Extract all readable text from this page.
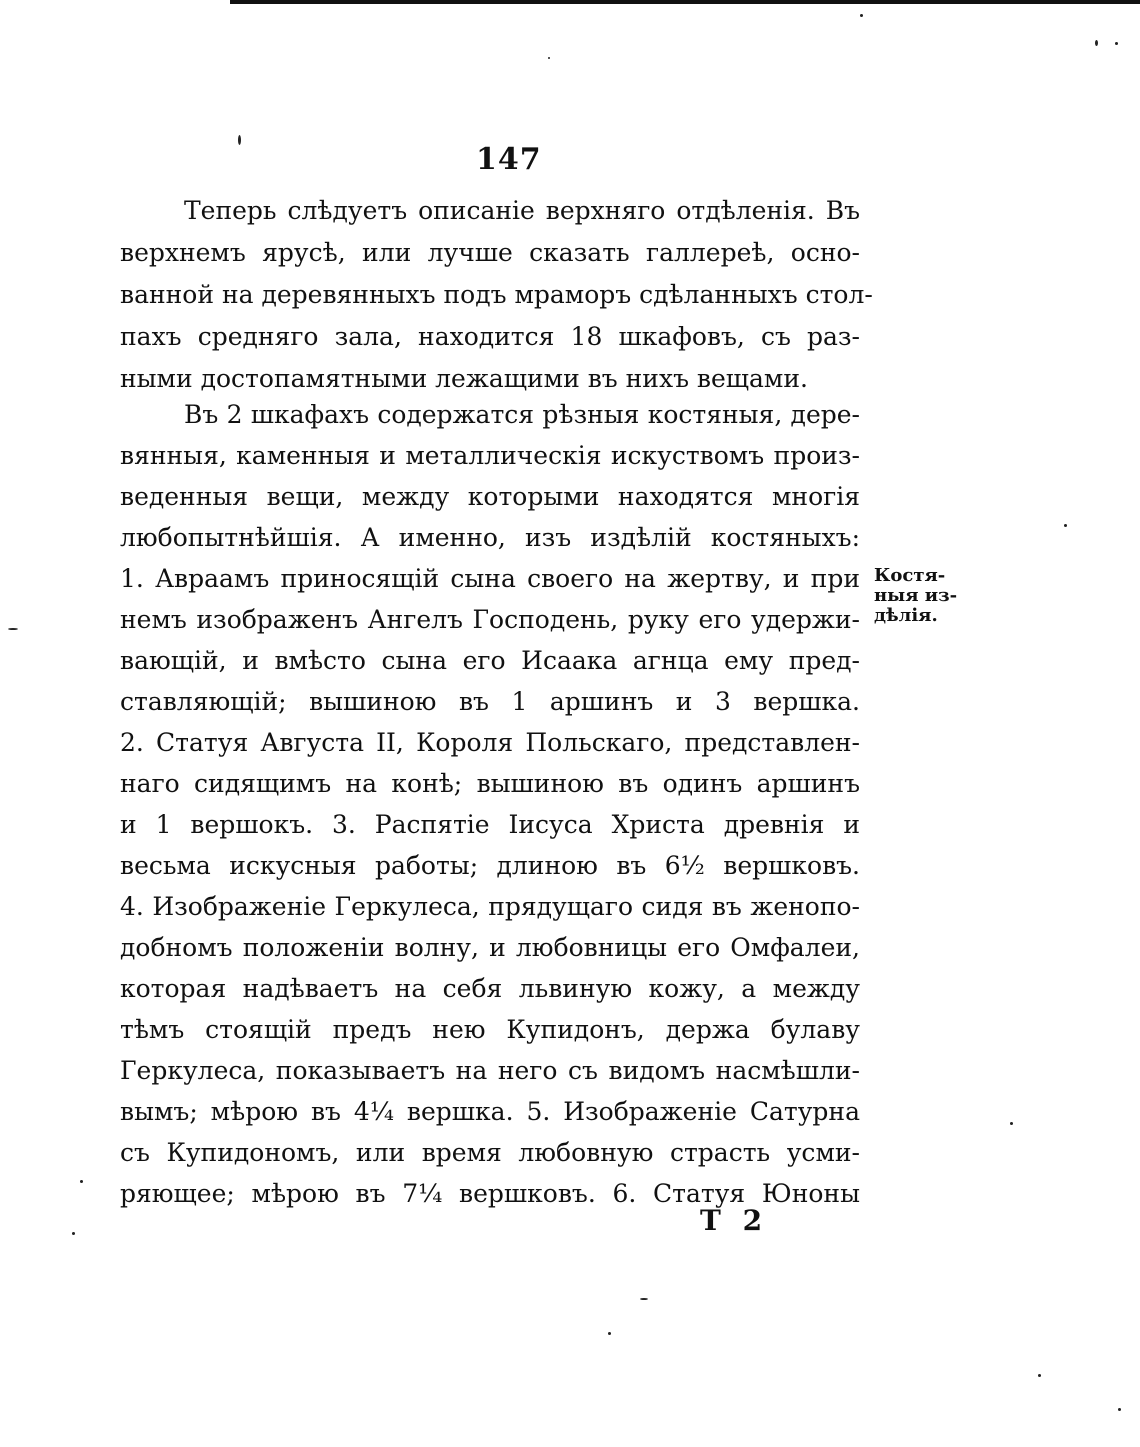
147
Теперь слѣдуетъ описаніе верхняго отдѣленія. Въ
верхнемъ ярусѣ, или лучше сказать галлереѣ, осно-
ванной на деревянныхъ подъ мраморъ сдѣланныхъ стол-
пахъ средняго зала, находится 18 шкафовъ, съ раз-
ными достопамятными лежащими въ нихъ вещами.
Въ 2 шкафахъ содержатся рѣзныя костяныя, дере-
вянныя, каменныя и металлическія искуствомъ произ-
веденныя вещи, между которыми находятся многія
любопытнѣйшія. А именно, изъ издѣлій костяныхъ:
1. Авраамъ приносящій сына своего на жертву, и при
немъ изображенъ Ангелъ Господень, руку его удержи-
вающій, и вмѣсто сына его Исаака агнца ему пред-
ставляющій; вышиною въ 1 аршинъ и 3 вершка.
2. Статуя Августа II, Короля Польскаго, представлен-
наго сидящимъ на конѣ; вышиною въ одинъ аршинъ
и 1 вершокъ. 3. Распятіе Іисуса Христа древнія и
весьма искусныя работы; длиною въ 6½ вершковъ.
4. Изображеніе Геркулеса, прядущаго сидя въ женопо-
добномъ положеніи волну, и любовницы его Омфалеи,
которая надѣваетъ на себя львиную кожу, а между
тѣмъ стоящій предъ нею Купидонъ, держа булаву
Геркулеса, показываетъ на него съ видомъ насмѣшли-
вымъ; мѣрою въ 4¼ вершка. 5. Изображеніе Сатурна
съ Купидономъ, или время любовную страсть усми-
ряющее; мѣрою въ 7¼ вершковъ. 6. Статуя Юноны
Костя-
ныя из-
дѣлія.
Т 2
